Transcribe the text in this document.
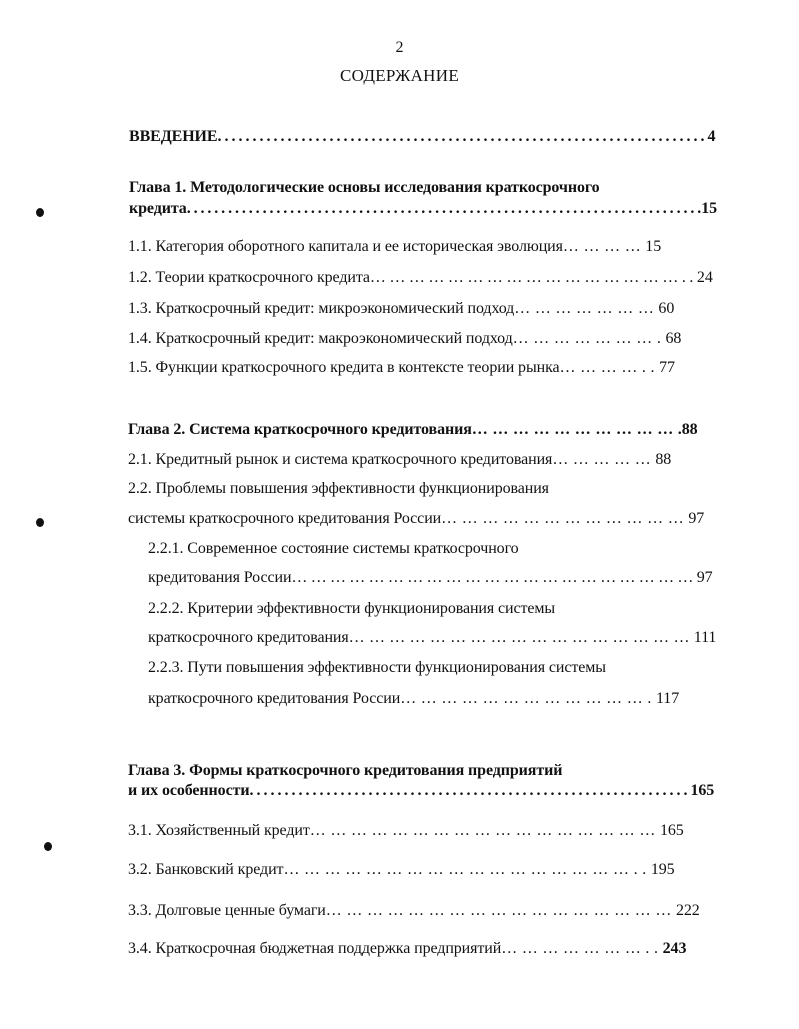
2
СОДЕРЖАНИЕ
ВВЕДЕНИЕ......................................................................4
Глава 1. Методологические основы исследования краткосрочного
кредита...........................................................................15
1.1. Категория оборотного капитала и ее историческая эволюция…………15
1.2. Теории краткосрочного кредита…………………………………………..24
1.3. Краткосрочный кредит: микроэкономический подход…………………60
1.4. Краткосрочный кредит: макроэкономический подход………………….68
1.5. Функции краткосрочного кредита в контексте теории рынка…………..77
Глава 2. Система краткосрочного кредитования………………………….88
2.1. Кредитный рынок и система краткосрочного кредитования……………88
2.2. Проблемы повышения эффективности функционирования
системы краткосрочного кредитования России………………………………97
2.2.1. Современное состояние системы краткосрочного
кредитования России………………………………………………………97
2.2.2. Критерии эффективности функционирования системы
краткосрочного кредитования……………………………………………111
2.2.3. Пути повышения эффективности функционирования системы
краткосрочного кредитования России……………………………….117
Глава 3. Формы краткосрочного кредитования предприятий
и их особенности...............................................................165
3.1. Хозяйственный кредит……………………………………………165
3.2. Банковский кредит……………………………………………..195
3.3. Долговые ценные бумаги……………………………………………222
3.4. Краткосрочная бюджетная поддержка предприятий…………………..243
